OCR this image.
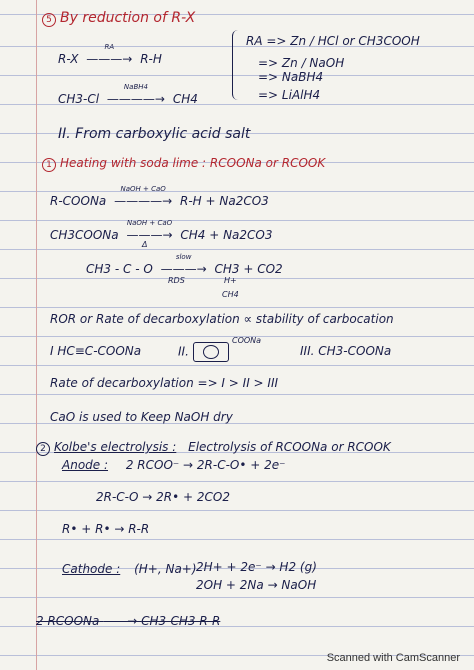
5 By reduction of R-X
R-X
RA
———→ R-H
RA => Zn / HCl or CH3COOH
=> Zn / NaOH
=> NaBH4
=> LiAlH4
CH3-Cl
NaBH4
————→ CH4
II. From carboxylic acid salt
1 Heating with soda lime : RCOONa or RCOOK
R-COONa
NaOH + CaO
————→ R-H + Na2CO3
CH3COONa
NaOH + CaO
———→ CH4 + Na2CO3
Δ
CH3 - C - O
slow
———→ CH3 + CO2
RDS	H+
CH4
ROR or Rate of decarboxylation ∝ stability of carbocation
I HC≡C-COONa	II.
COONa
III. CH3-COONa
Rate of decarboxylation => I > II > III
CaO is used to Keep NaOH dry
2 Kolbe's electrolysis : Electrolysis of RCOONa or RCOOK
Anode : 2 RCOO⁻ → 2R-C-O• + 2e⁻
2R-C-O → 2R• + 2CO2
R• + R• → R-R
Cathode : (H+, Na+) 2H+ + 2e⁻ → H2 (g)
2OH + 2Na → NaOH
2 RCOONa ——→ CH3-CH3 R-R
Scanned with CamScanner
